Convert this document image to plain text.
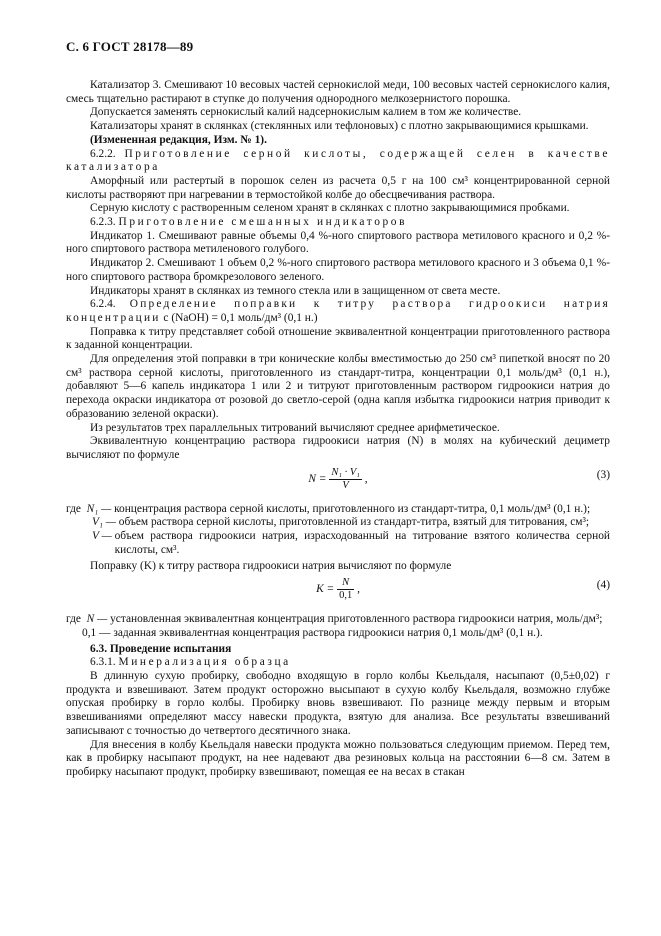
С. 6 ГОСТ 28178—89

Катализатор 3. Смешивают 10 весовых частей сернокислой меди, 100 весовых частей сернокислого калия, смесь тщательно растирают в ступке до получения однородного мелкозернистого порошка.

Допускается заменять сернокислый калий надсернокислым калием в том же количестве.

Катализаторы хранят в склянках (стеклянных или тефлоновых) с плотно закрывающимися крышками.

(Измененная редакция, Изм. № 1).

6.2.2. Приготовление серной кислоты, содержащей селен в качестве катализатора

Аморфный или растертый в порошок селен из расчета 0,5 г на 100 см³ концентрированной серной кислоты растворяют при нагревании в термостойкой колбе до обесцвечивания раствора.

Серную кислоту с растворенным селеном хранят в склянках с плотно закрывающимися пробками.

6.2.3. Приготовление смешанных индикаторов

Индикатор 1. Смешивают равные объемы 0,4 %-ного спиртового раствора метилового красного и 0,2 %-ного спиртового раствора метиленового голубого.

Индикатор 2. Смешивают 1 объем 0,2 %-ного спиртового раствора метилового красного и 3 объема 0,1 %-ного спиртового раствора бромкрезолового зеленого.

Индикаторы хранят в склянках из темного стекла или в защищенном от света месте.

6.2.4. Определение поправки к титру раствора гидроокиси натрия концентрации c (NaOH) = 0,1 моль/дм³ (0,1 н.)

Поправка к титру представляет собой отношение эквивалентной концентрации приготовленного раствора к заданной концентрации.

Для определения этой поправки в три конические колбы вместимостью до 250 см³ пипеткой вносят по 20 см³ раствора серной кислоты, приготовленного из стандарт-титра, концентрации 0,1 моль/дм³ (0,1 н.), добавляют 5—6 капель индикатора 1 или 2 и титруют приготовленным раствором гидроокиси натрия до перехода окраски индикатора от розовой до светло-серой (одна капля избытка гидроокиси натрия приводит к образованию зеленой окраски).

Из результатов трех параллельных титрований вычисляют среднее арифметическое.

Эквивалентную концентрацию раствора гидроокиси натрия (N) в молях на кубический дециметр вычисляют по формуле

$N = \frac{\text{N₁ · V₁}}{V}$ ,	(3)
где N₁ — концентрация раствора серной кислоты, приготовленного из стандарт-титра, 0,1 моль/дм³ (0,1 н.);
V₁ — объем раствора серной кислоты, приготовленной из стандарт-титра, взятый для титрования, см³;
V — объем раствора гидроокиси натрия, израсходованный на титрование взятого количества серной кислоты, см³.

Поправку (K) к титру раствора гидроокиси натрия вычисляют по формуле

$K = \frac{N}{0,1}$ ,	(4)
где N — установленная эквивалентная концентрация приготовленного раствора гидроокиси натрия, моль/дм³;
0,1 — заданная эквивалентная концентрация раствора гидроокиси натрия 0,1 моль/дм³ (0,1 н.).

6.3. Проведение испытания

6.3.1. Минерализация образца

В длинную сухую пробирку, свободно входящую в горло колбы Кьельдаля, насыпают (0,5±0,02) г продукта и взвешивают. Затем продукт осторожно высыпают в сухую колбу Кьельдаля, возможно глубже опуская пробирку в горло колбы. Пробирку вновь взвешивают. По разнице между первым и вторым взвешиваниями определяют массу навески продукта, взятую для анализа. Все результаты взвешиваний записывают с точностью до четвертого десятичного знака.

Для внесения в колбу Кьельдаля навески продукта можно пользоваться следующим приемом. Перед тем, как в пробирку насыпают продукт, на нее надевают два резиновых кольца на расстоянии 6—8 см. Затем в пробирку насыпают продукт, пробирку взвешивают, помещая ее на весах в стакан
